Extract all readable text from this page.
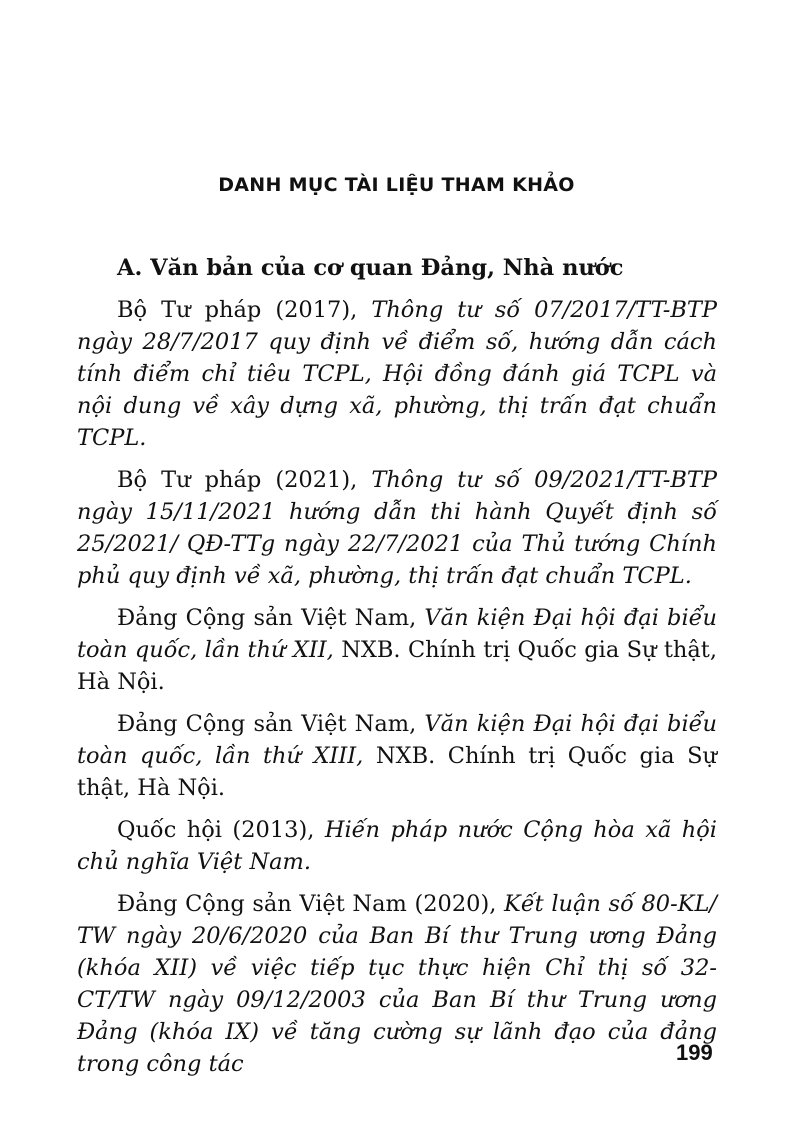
DANH MỤC TÀI LIỆU THAM KHẢO

A. Văn bản của cơ quan Đảng, Nhà nước

Bộ Tư pháp (2017), Thông tư số 07/2017/TT-BTP ngày 28/7/2017 quy định về điểm số, hướng dẫn cách tính điểm chỉ tiêu TCPL, Hội đồng đánh giá TCPL và nội dung về xây dựng xã, phường, thị trấn đạt chuẩn TCPL.

Bộ Tư pháp (2021), Thông tư số 09/2021/TT-BTP ngày 15/11/2021 hướng dẫn thi hành Quyết định số 25/2021/ QĐ-TTg ngày 22/7/2021 của Thủ tướng Chính phủ quy định về xã, phường, thị trấn đạt chuẩn TCPL.

Đảng Cộng sản Việt Nam, Văn kiện Đại hội đại biểu toàn quốc, lần thứ XII, NXB. Chính trị Quốc gia Sự thật, Hà Nội.

Đảng Cộng sản Việt Nam, Văn kiện Đại hội đại biểu toàn quốc, lần thứ XIII, NXB. Chính trị Quốc gia Sự thật, Hà Nội.

Quốc hội (2013), Hiến pháp nước Cộng hòa xã hội chủ nghĩa Việt Nam.

Đảng Cộng sản Việt Nam (2020), Kết luận số 80-KL/ TW ngày 20/6/2020 của Ban Bí thư Trung ương Đảng (khóa XII) về việc tiếp tục thực hiện Chỉ thị số 32-CT/TW ngày 09/12/2003 của Ban Bí thư Trung ương Đảng (khóa IX) về tăng cường sự lãnh đạo của đảng trong công tác	199
